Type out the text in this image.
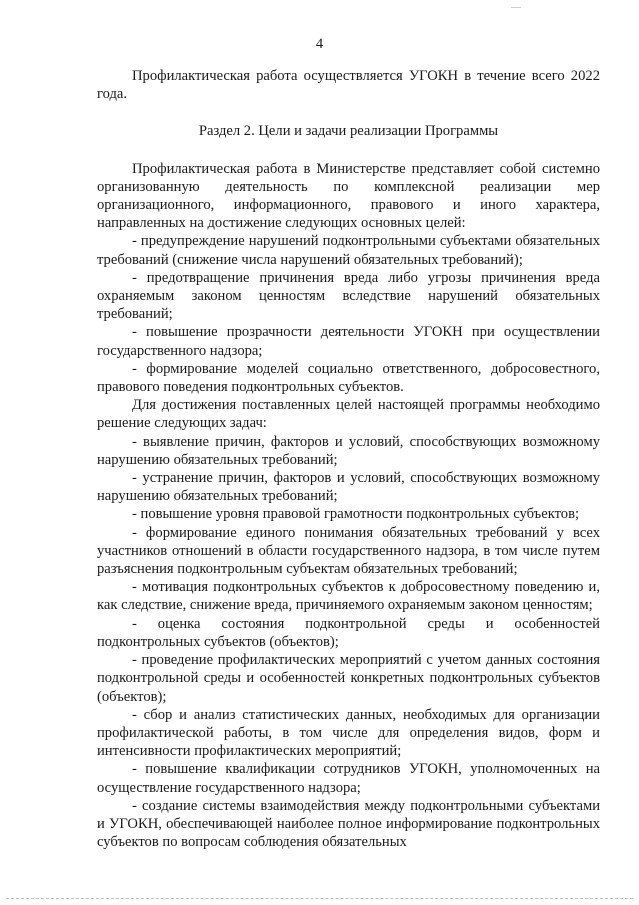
4

Профилактическая работа осуществляется УГОКН в течение всего 2022 года.

Раздел 2. Цели и задачи реализации Программы

Профилактическая работа в Министерстве представляет собой системно организованную деятельность по комплексной реализации мер организационного, информационного, правового и иного характера, направленных на достижение следующих основных целей:

- предупреждение нарушений подконтрольными субъектами обязательных требований (снижение числа нарушений обязательных требований);

- предотвращение причинения вреда либо угрозы причинения вреда охраняемым законом ценностям вследствие нарушений обязательных требований;

- повышение прозрачности деятельности УГОКН при осуществлении государственного надзора;

- формирование моделей социально ответственного, добросовестного, правового поведения подконтрольных субъектов.

Для достижения поставленных целей настоящей программы необходимо решение следующих задач:

- выявление причин, факторов и условий, способствующих возможному нарушению обязательных требований;

- устранение причин, факторов и условий, способствующих возможному нарушению обязательных требований;

- повышение уровня правовой грамотности подконтрольных субъектов;

- формирование единого понимания обязательных требований у всех участников отношений в области государственного надзора, в том числе путем разъяснения подконтрольным субъектам обязательных требований;

- мотивация подконтрольных субъектов к добросовестному поведению и, как следствие, снижение вреда, причиняемого охраняемым законом ценностям;

- оценка состояния подконтрольной среды и особенностей подконтрольных субъектов (объектов);

- проведение профилактических мероприятий с учетом данных состояния подконтрольной среды и особенностей конкретных подконтрольных субъектов (объектов);

- сбор и анализ статистических данных, необходимых для организации профилактической работы, в том числе для определения видов, форм и интенсивности профилактических мероприятий;

- повышение квалификации сотрудников УГОКН, уполномоченных на осуществление государственного надзора;

- создание системы взаимодействия между подконтрольными субъектами и УГОКН, обеспечивающей наиболее полное информирование подконтрольных субъектов по вопросам соблюдения обязательных
